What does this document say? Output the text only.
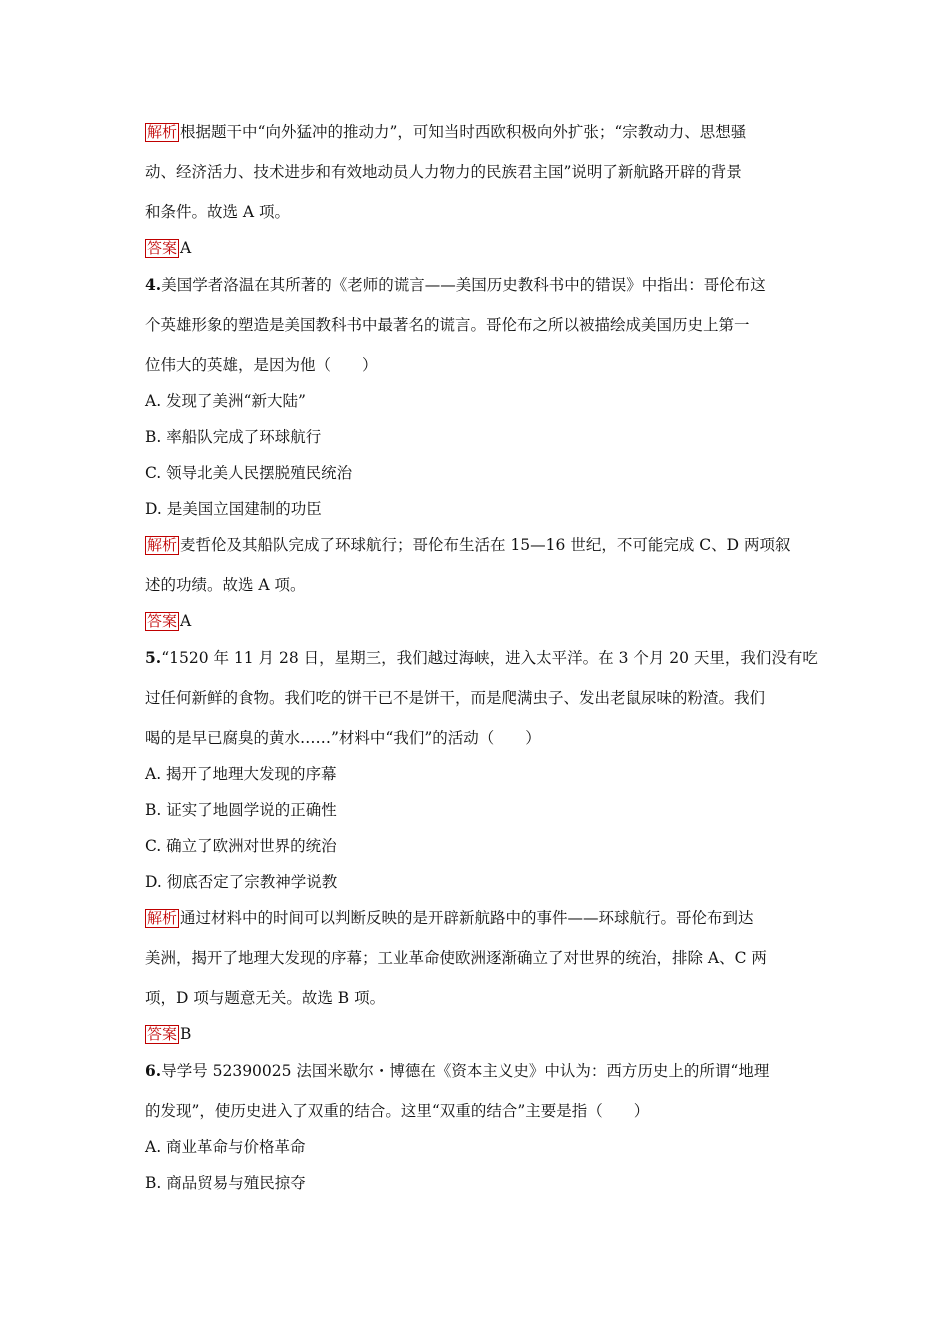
解析 根据题干中“向外猛冲的推动力”，可知当时西欧积极向外扩张；“宗教动力、思想骚
动、经济活力、技术进步和有效地动员人力物力的民族君主国”说明了新航路开辟的背景
和条件。故选 A 项。
答案 A
4.美国学者洛温在其所著的《老师的谎言——美国历史教科书中的错误》中指出：哥伦布这
个英雄形象的塑造是美国教科书中最著名的谎言。哥伦布之所以被描绘成美国历史上第一
位伟大的英雄，是因为他（　　）
A. 发现了美洲“新大陆”
B. 率船队完成了环球航行
C. 领导北美人民摆脱殖民统治
D. 是美国立国建制的功臣
解析 麦哲伦及其船队完成了环球航行；哥伦布生活在 15—16 世纪，不可能完成 C、D 两项叙
述的功绩。故选 A 项。
答案 A
5.“1520 年 11 月 28 日，星期三，我们越过海峡，进入太平洋。在 3 个月 20 天里，我们没有吃
过任何新鲜的食物。我们吃的饼干已不是饼干，而是爬满虫子、发出老鼠尿味的粉渣。我们
喝的是早已腐臭的黄水……”材料中“我们”的活动（　　）
A. 揭开了地理大发现的序幕
B. 证实了地圆学说的正确性
C. 确立了欧洲对世界的统治
D. 彻底否定了宗教神学说教
解析 通过材料中的时间可以判断反映的是开辟新航路中的事件——环球航行。哥伦布到达
美洲，揭开了地理大发现的序幕；工业革命使欧洲逐渐确立了对世界的统治，排除 A、C 两
项，D 项与题意无关。故选 B 项。
答案 B
6.导学号 52390025 法国米歇尔・博德在《资本主义史》中认为：西方历史上的所谓“地理
的发现”，使历史进入了双重的结合。这里“双重的结合”主要是指（　　）
A. 商业革命与价格革命
B. 商品贸易与殖民掠夺
